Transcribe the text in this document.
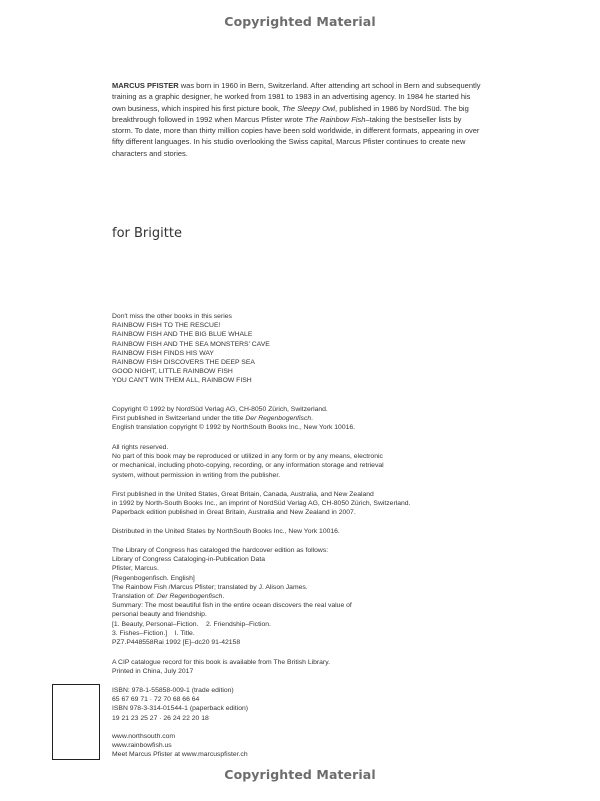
Copyrighted Material
MARCUS PFISTER was born in 1960 in Bern, Switzerland. After attending art school in Bern and subsequently training as a graphic designer, he worked from 1981 to 1983 in an advertising agency. In 1984 he started his own business, which inspired his first picture book, The Sleepy Owl, published in 1986 by NordSüd. The big breakthrough followed in 1992 when Marcus Pfister wrote The Rainbow Fish–taking the bestseller lists by storm. To date, more than thirty million copies have been sold worldwide, in different formats, appearing in over fifty different languages. In his studio overlooking the Swiss capital, Marcus Pfister continues to create new characters and stories.
for Brigitte
Don't miss the other books in this series
RAINBOW FISH TO THE RESCUE!
RAINBOW FISH AND THE BIG BLUE WHALE
RAINBOW FISH AND THE SEA MONSTERS' CAVE
RAINBOW FISH FINDS HIS WAY
RAINBOW FISH DISCOVERS THE DEEP SEA
GOOD NIGHT, LITTLE RAINBOW FISH
YOU CAN'T WIN THEM ALL, RAINBOW FISH
Copyright © 1992 by NordSüd Verlag AG, CH-8050 Zürich, Switzerland.
First published in Switzerland under the title Der Regenbogenfisch.
English translation copyright © 1992 by NorthSouth Books Inc., New York 10016.
All rights reserved.
No part of this book may be reproduced or utilized in any form or by any means, electronic
or mechanical, including photo-copying, recording, or any information storage and retrieval
system, without permission in writing from the publisher.
First published in the United States, Great Britain, Canada, Australia, and New Zealand
in 1992 by North-South Books Inc., an imprint of NordSüd Verlag AG, CH-8050 Zürich, Switzerland.
Paperback edition published in Great Britain, Australia and New Zealand in 2007.
Distributed in the United States by NorthSouth Books Inc., New York 10016.
The Library of Congress has cataloged the hardcover edition as follows:
Library of Congress Cataloging-in-Publication Data
Pfister, Marcus.
[Regenbogenfisch. English]
The Rainbow Fish /Marcus Pfister; translated by J. Alison James.
Translation of: Der Regenbogenfisch.
Summary: The most beautiful fish in the entire ocean discovers the real value of
personal beauty and friendship.
[1. Beauty, Personal–Fiction.    2. Friendship–Fiction.
3. Fishes–Fiction.]    I. Title.
PZ7.P448558Rai 1992 [E]–dc20 91-42158
A CIP catalogue record for this book is available from The British Library.
Printed in China, July 2017
ISBN: 978-1-55858-009-1 (trade edition)
65 67 69 71 · 72 70 68 66 64
ISBN 978-3-314-01544-1 (paperback edition)
19 21 23 25 27 · 26 24 22 20 18
www.northsouth.com
www.rainbowfish.us
Meet Marcus Pfister at www.marcuspfister.ch
Copyrighted Material
